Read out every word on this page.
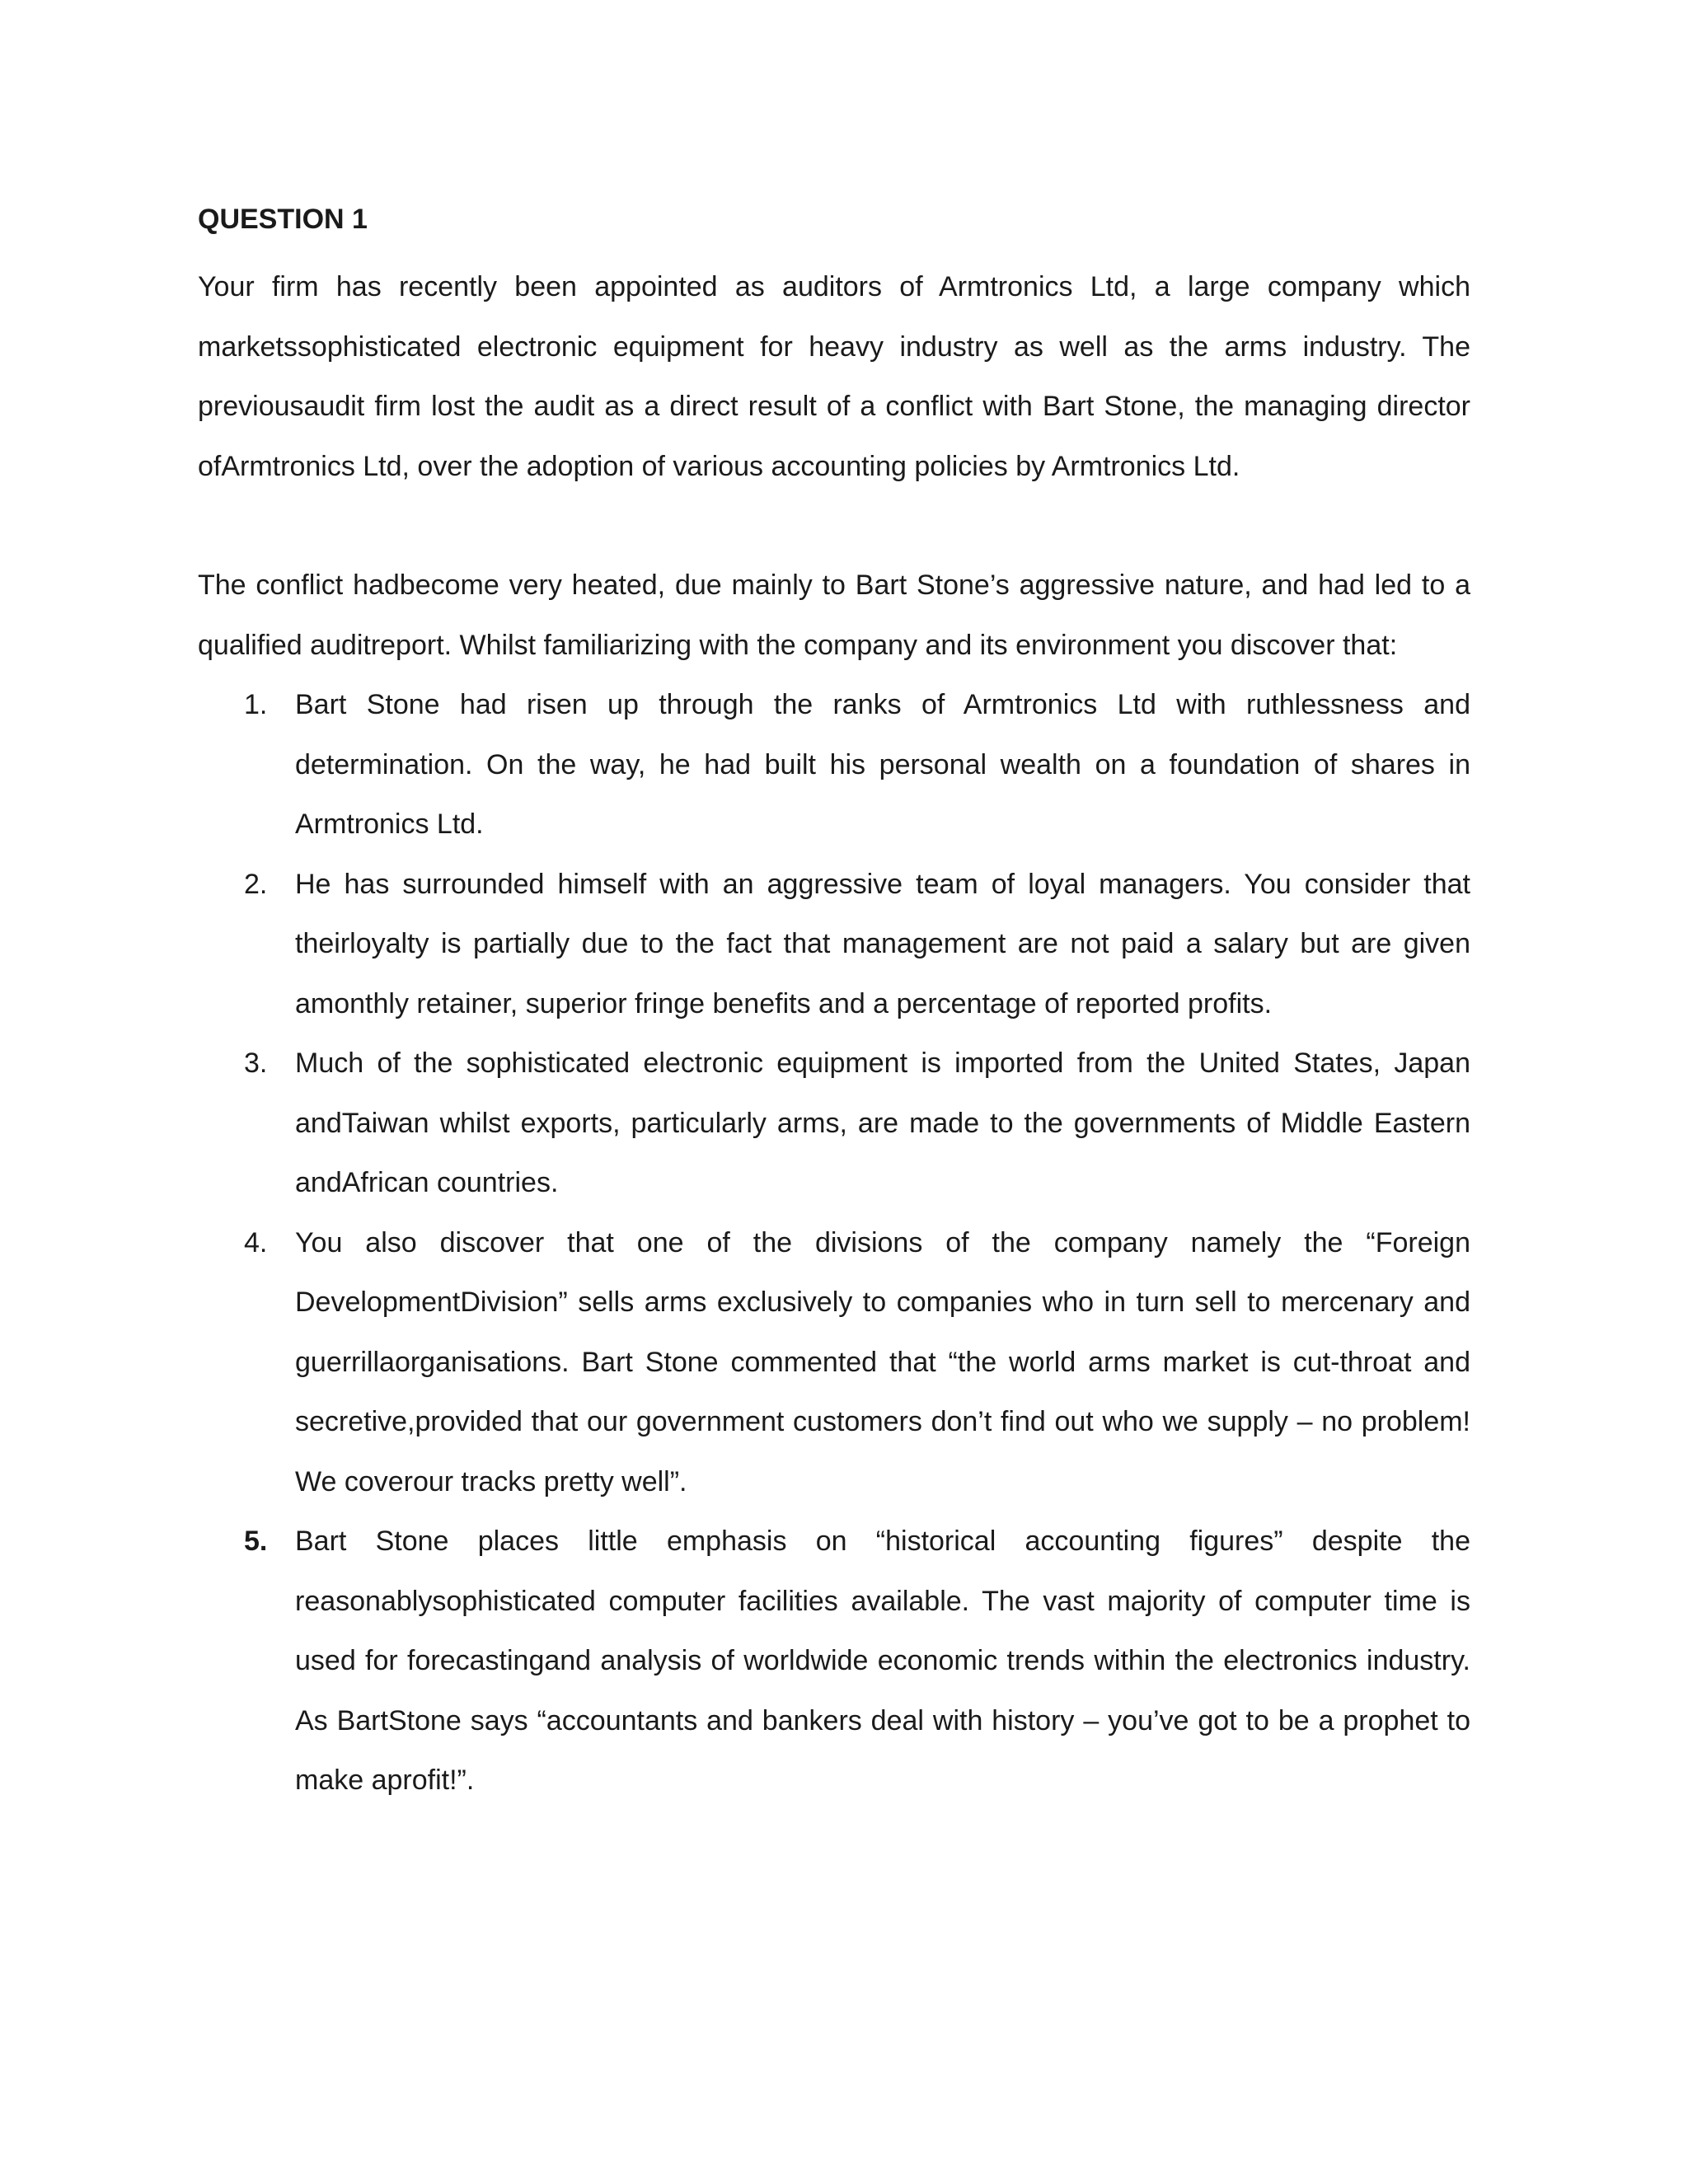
QUESTION 1

Your firm has recently been appointed as auditors of Armtronics Ltd, a large company which marketssophisticated electronic equipment for heavy industry as well as the arms industry. The previousaudit firm lost the audit as a direct result of a conflict with Bart Stone, the managing director ofArmtronics Ltd, over the adoption of various accounting policies by Armtronics Ltd.

The conflict hadbecome very heated, due mainly to Bart Stone’s aggressive nature, and had led to a qualified auditreport. Whilst familiarizing with the company and its environment you discover that:

1. Bart Stone had risen up through the ranks of Armtronics Ltd with ruthlessness and determination. On the way, he had built his personal wealth on a foundation of shares in Armtronics Ltd.
2. He has surrounded himself with an aggressive team of loyal managers. You consider that theirloyalty is partially due to the fact that management are not paid a salary but are given amonthly retainer, superior fringe benefits and a percentage of reported profits.
3. Much of the sophisticated electronic equipment is imported from the United States, Japan andTaiwan whilst exports, particularly arms, are made to the governments of Middle Eastern andAfrican countries.
4. You also discover that one of the divisions of the company namely the “Foreign DevelopmentDivision” sells arms exclusively to companies who in turn sell to mercenary and guerrillaorganisations. Bart Stone commented that “the world arms market is cut-throat and secretive,provided that our government customers don’t find out who we supply – no problem! We coverour tracks pretty well”.
5. Bart Stone places little emphasis on “historical accounting figures” despite the reasonablysophisticated computer facilities available. The vast majority of computer time is used for forecastingand analysis of worldwide economic trends within the electronics industry. As BartStone says “accountants and bankers deal with history – you’ve got to be a prophet to make aprofit!”.
